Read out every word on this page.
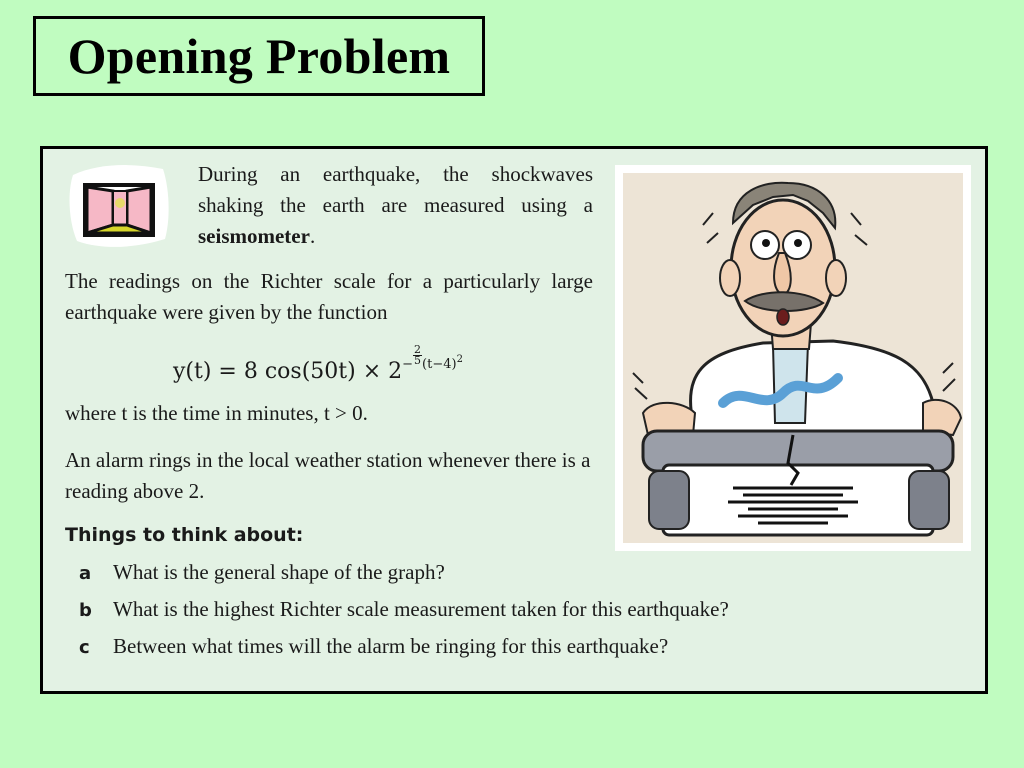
Opening Problem

During an earthquake, the shockwaves shaking the earth are measured using a seismometer.

The readings on the Richter scale for a particularly large earthquake were given by the function

y(t) = 8 $\cos(50t) \times 2^{- \frac{2}{5} (t-4)^2}$

where t is the time in minutes, t > 0.

An alarm rings in the local weather station whenever there is a reading above 2.

Things to think about:

a What is the general shape of the graph?
b What is the highest Richter scale measurement taken for this earthquake?
c Between what times will the alarm be ringing for this earthquake?
